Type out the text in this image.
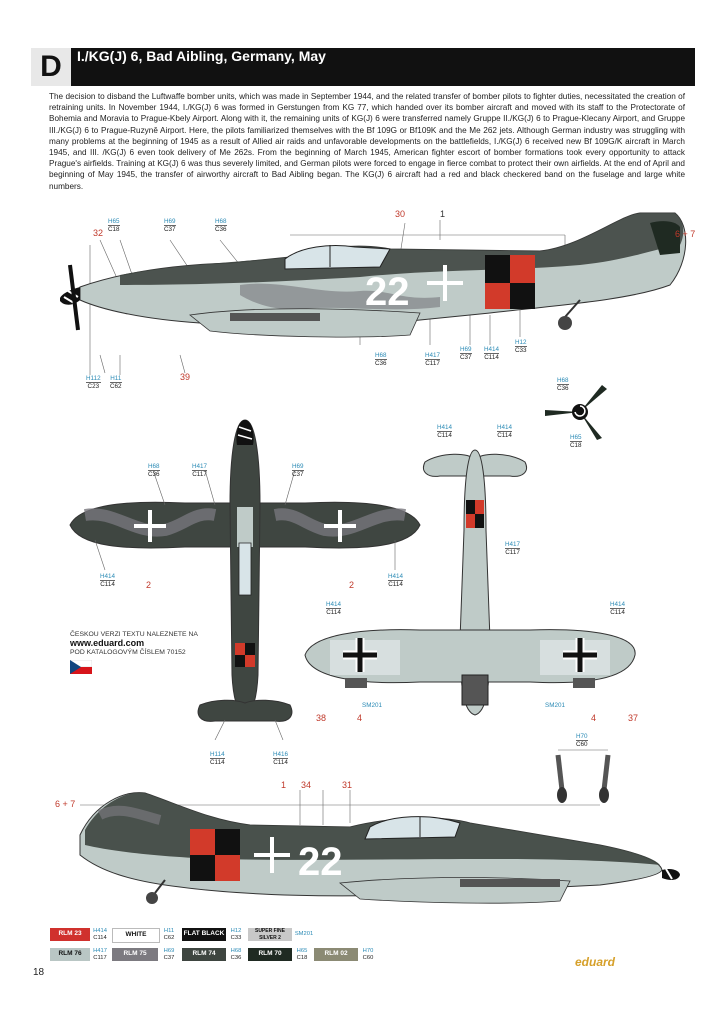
D	I./KG(J) 6, Bad Aibling, Germany, May
The decision to disband the Luftwaffe bomber units, which was made in September 1944, and the related transfer of bomber pilots to fighter duties, necessitated the creation of retraining units. In November 1944, I./KG(J) 6 was formed in Gerstungen from KG 77, which handed over its bomber aircraft and moved with its staff to the Protectorate of Bohemia and Moravia to Prague-Kbely Airport. Along with it, the remaining units of KG(J) 6 were transferred namely Gruppe II./KG(J) 6 to Prague-Klecany Airport, and Gruppe III./KG(J) 6 to Prague-Ruzyně Airport. Here, the pilots familiarized themselves with the Bf 109G or Bf109K and the Me 262 jets. Although German industry was struggling with many problems at the beginning of 1945 as a result of Allied air raids and unfavorable developments on the battlefields, I./KG(J) 6 received new Bf 109G/K aircraft in March 1945, and III. /KG(J) 6 even took delivery of Me 262s. From the beginning of March 1945, American fighter escort of bomber formations took every opportunity to attack Prague's airfields. Training at KG(J) 6 was thus severely limited, and German pilots were forced to engage in fierce combat to protect their own airfields. At the end of April and beginning of May 1945, the transfer of airworthy aircraft to Bad Aibling began. The KG(J) 6 aircraft had a red and black checkered band on the fuselage and large white numbers.
22
H65
C18
H69
C37
H68
C36
H68
C36
H417
C117
H69
C37
H414
C114
H12
C33
H112
C23
H11
C62
30	1
32	6 + 7
39	H68
C36
H65
C18
H68
C36
H417
C117
H69
C37
H414
C114
H414
C114
2	2
H114
C114
H416
C114
ČESKOU VERZI TEXTU NALEZNETE NA
www.eduard.com
POD KATALOGOVÝM ČÍSLEM 70152
H414
C114
H414
C114
H417
C117
H414
C114
H414
C114
SM201	SM201
38	4	4	37
H70
C60
22
1 34	31
6 + 7
RLM 23	H414
C114	WHITE
H11
C62
FLAT BLACK	H12
C33
SUPER FINE SILVER 2
SM201
RLM 76	H417
C117
RLM 75	H69
C37
RLM 74	H68
C36
RLM 70	H65
C18
RLM 02	H70
C60
18
eduard
